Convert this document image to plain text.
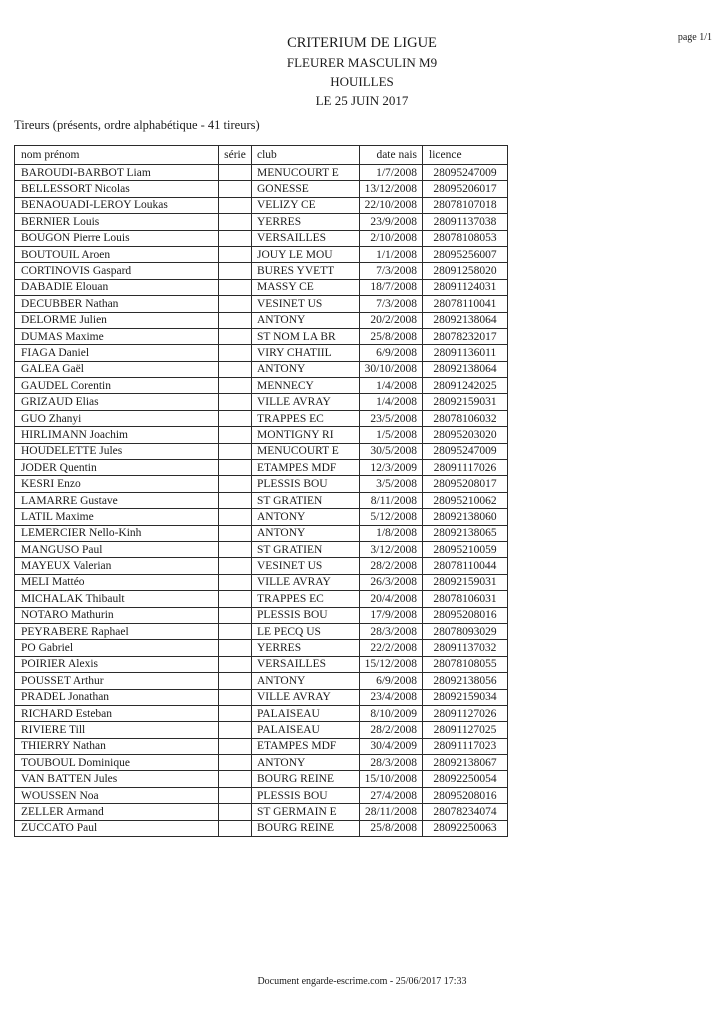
page 1/1
CRITERIUM DE LIGUE
FLEURER MASCULIN M9
HOUILLES
LE 25 JUIN 2017
Tireurs (présents, ordre alphabétique - 41 tireurs)
nom prénom	série	club	date nais	licence
BAROUDI-BARBOT Liam		MENUCOURT E	1/7/2008	28095247009
BELLESSORT Nicolas		GONESSE	13/12/2008	28095206017
BENAOUADI-LEROY Loukas		VELIZY CE	22/10/2008	28078107018
BERNIER Louis		YERRES	23/9/2008	28091137038
BOUGON Pierre Louis		VERSAILLES	2/10/2008	28078108053
BOUTOUIL Aroen		JOUY LE MOU	1/1/2008	28095256007
CORTINOVIS Gaspard		BURES YVETT	7/3/2008	28091258020
DABADIE Elouan		MASSY CE	18/7/2008	28091124031
DECUBBER Nathan		VESINET US	7/3/2008	28078110041
DELORME Julien		ANTONY	20/2/2008	28092138064
DUMAS Maxime		ST NOM LA BR	25/8/2008	28078232017
FIAGA Daniel		VIRY CHATIIL	6/9/2008	28091136011
GALEA Gaël		ANTONY	30/10/2008	28092138064
GAUDEL Corentin		MENNECY	1/4/2008	28091242025
GRIZAUD Elias		VILLE AVRAY	1/4/2008	28092159031
GUO Zhanyi		TRAPPES EC	23/5/2008	28078106032
HIRLIMANN Joachim		MONTIGNY RI	1/5/2008	28095203020
HOUDELETTE Jules		MENUCOURT E	30/5/2008	28095247009
JODER Quentin		ETAMPES MDF	12/3/2009	28091117026
KESRI Enzo		PLESSIS BOU	3/5/2008	28095208017
LAMARRE Gustave		ST GRATIEN	8/11/2008	28095210062
LATIL Maxime		ANTONY	5/12/2008	28092138060
LEMERCIER Nello-Kinh		ANTONY	1/8/2008	28092138065
MANGUSO Paul		ST GRATIEN	3/12/2008	28095210059
MAYEUX Valerian		VESINET US	28/2/2008	28078110044
MELI Mattéo		VILLE AVRAY	26/3/2008	28092159031
MICHALAK Thibault		TRAPPES EC	20/4/2008	28078106031
NOTARO Mathurin		PLESSIS BOU	17/9/2008	28095208016
PEYRABERE Raphael		LE PECQ US	28/3/2008	28078093029
PO Gabriel		YERRES	22/2/2008	28091137032
POIRIER Alexis		VERSAILLES	15/12/2008	28078108055
POUSSET Arthur		ANTONY	6/9/2008	28092138056
PRADEL Jonathan		VILLE AVRAY	23/4/2008	28092159034
RICHARD Esteban		PALAISEAU	8/10/2009	28091127026
RIVIERE Till		PALAISEAU	28/2/2008	28091127025
THIERRY Nathan		ETAMPES MDF	30/4/2009	28091117023
TOUBOUL Dominique		ANTONY	28/3/2008	28092138067
VAN BATTEN Jules		BOURG REINE	15/10/2008	28092250054
WOUSSEN Noa		PLESSIS BOU	27/4/2008	28095208016
ZELLER Armand		ST GERMAIN E	28/11/2008	28078234074
ZUCCATO Paul		BOURG REINE	25/8/2008	28092250063
Document engarde-escrime.com - 25/06/2017 17:33
